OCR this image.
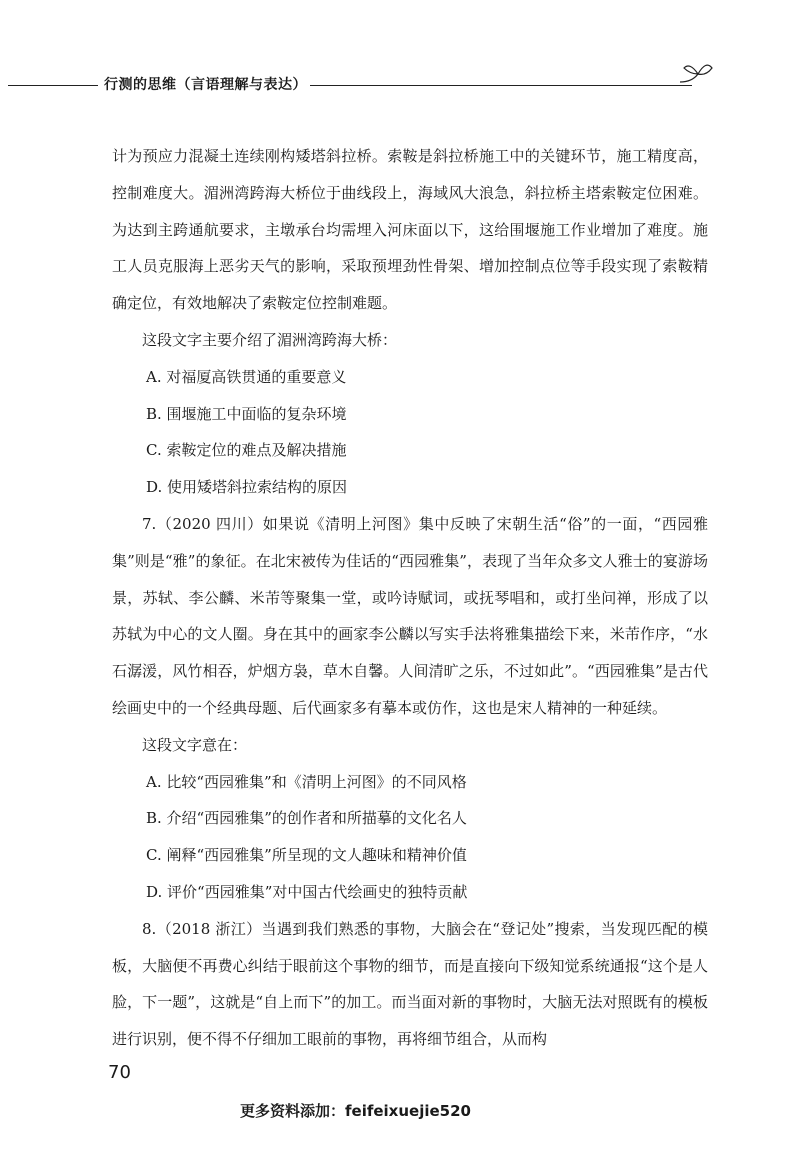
行测的思维（言语理解与表达）

计为预应力混凝土连续刚构矮塔斜拉桥。索鞍是斜拉桥施工中的关键环节，施工精度高，控制难度大。湄洲湾跨海大桥位于曲线段上，海域风大浪急，斜拉桥主塔索鞍定位困难。为达到主跨通航要求，主墩承台均需埋入河床面以下，这给围堰施工作业增加了难度。施工人员克服海上恶劣天气的影响，采取预埋劲性骨架、增加控制点位等手段实现了索鞍精确定位，有效地解决了索鞍定位控制难题。

这段文字主要介绍了湄洲湾跨海大桥：

A. 对福厦高铁贯通的重要意义

B. 围堰施工中面临的复杂环境

C. 索鞍定位的难点及解决措施

D. 使用矮塔斜拉索结构的原因

7.（2020 四川）如果说《清明上河图》集中反映了宋朝生活“俗”的一面，“西园雅集”则是“雅”的象征。在北宋被传为佳话的“西园雅集”，表现了当年众多文人雅士的宴游场景，苏轼、李公麟、米芾等聚集一堂，或吟诗赋词，或抚琴唱和，或打坐问禅，形成了以苏轼为中心的文人圈。身在其中的画家李公麟以写实手法将雅集描绘下来，米芾作序，“水石潺湲，风竹相吞，炉烟方袅，草木自馨。人间清旷之乐，不过如此”。“西园雅集”是古代绘画史中的一个经典母题、后代画家多有摹本或仿作，这也是宋人精神的一种延续。

这段文字意在：

A. 比较“西园雅集”和《清明上河图》的不同风格

B. 介绍“西园雅集”的创作者和所描摹的文化名人

C. 阐释“西园雅集”所呈现的文人趣味和精神价值

D. 评价“西园雅集”对中国古代绘画史的独特贡献

8.（2018 浙江）当遇到我们熟悉的事物，大脑会在“登记处”搜索，当发现匹配的模板，大脑便不再费心纠结于眼前这个事物的细节，而是直接向下级知觉系统通报“这个是人脸，下一题”，这就是“自上而下”的加工。而当面对新的事物时，大脑无法对照既有的模板进行识别，便不得不仔细加工眼前的事物，再将细节组合，从而构

70
更多资料添加：feifeixuejie520
